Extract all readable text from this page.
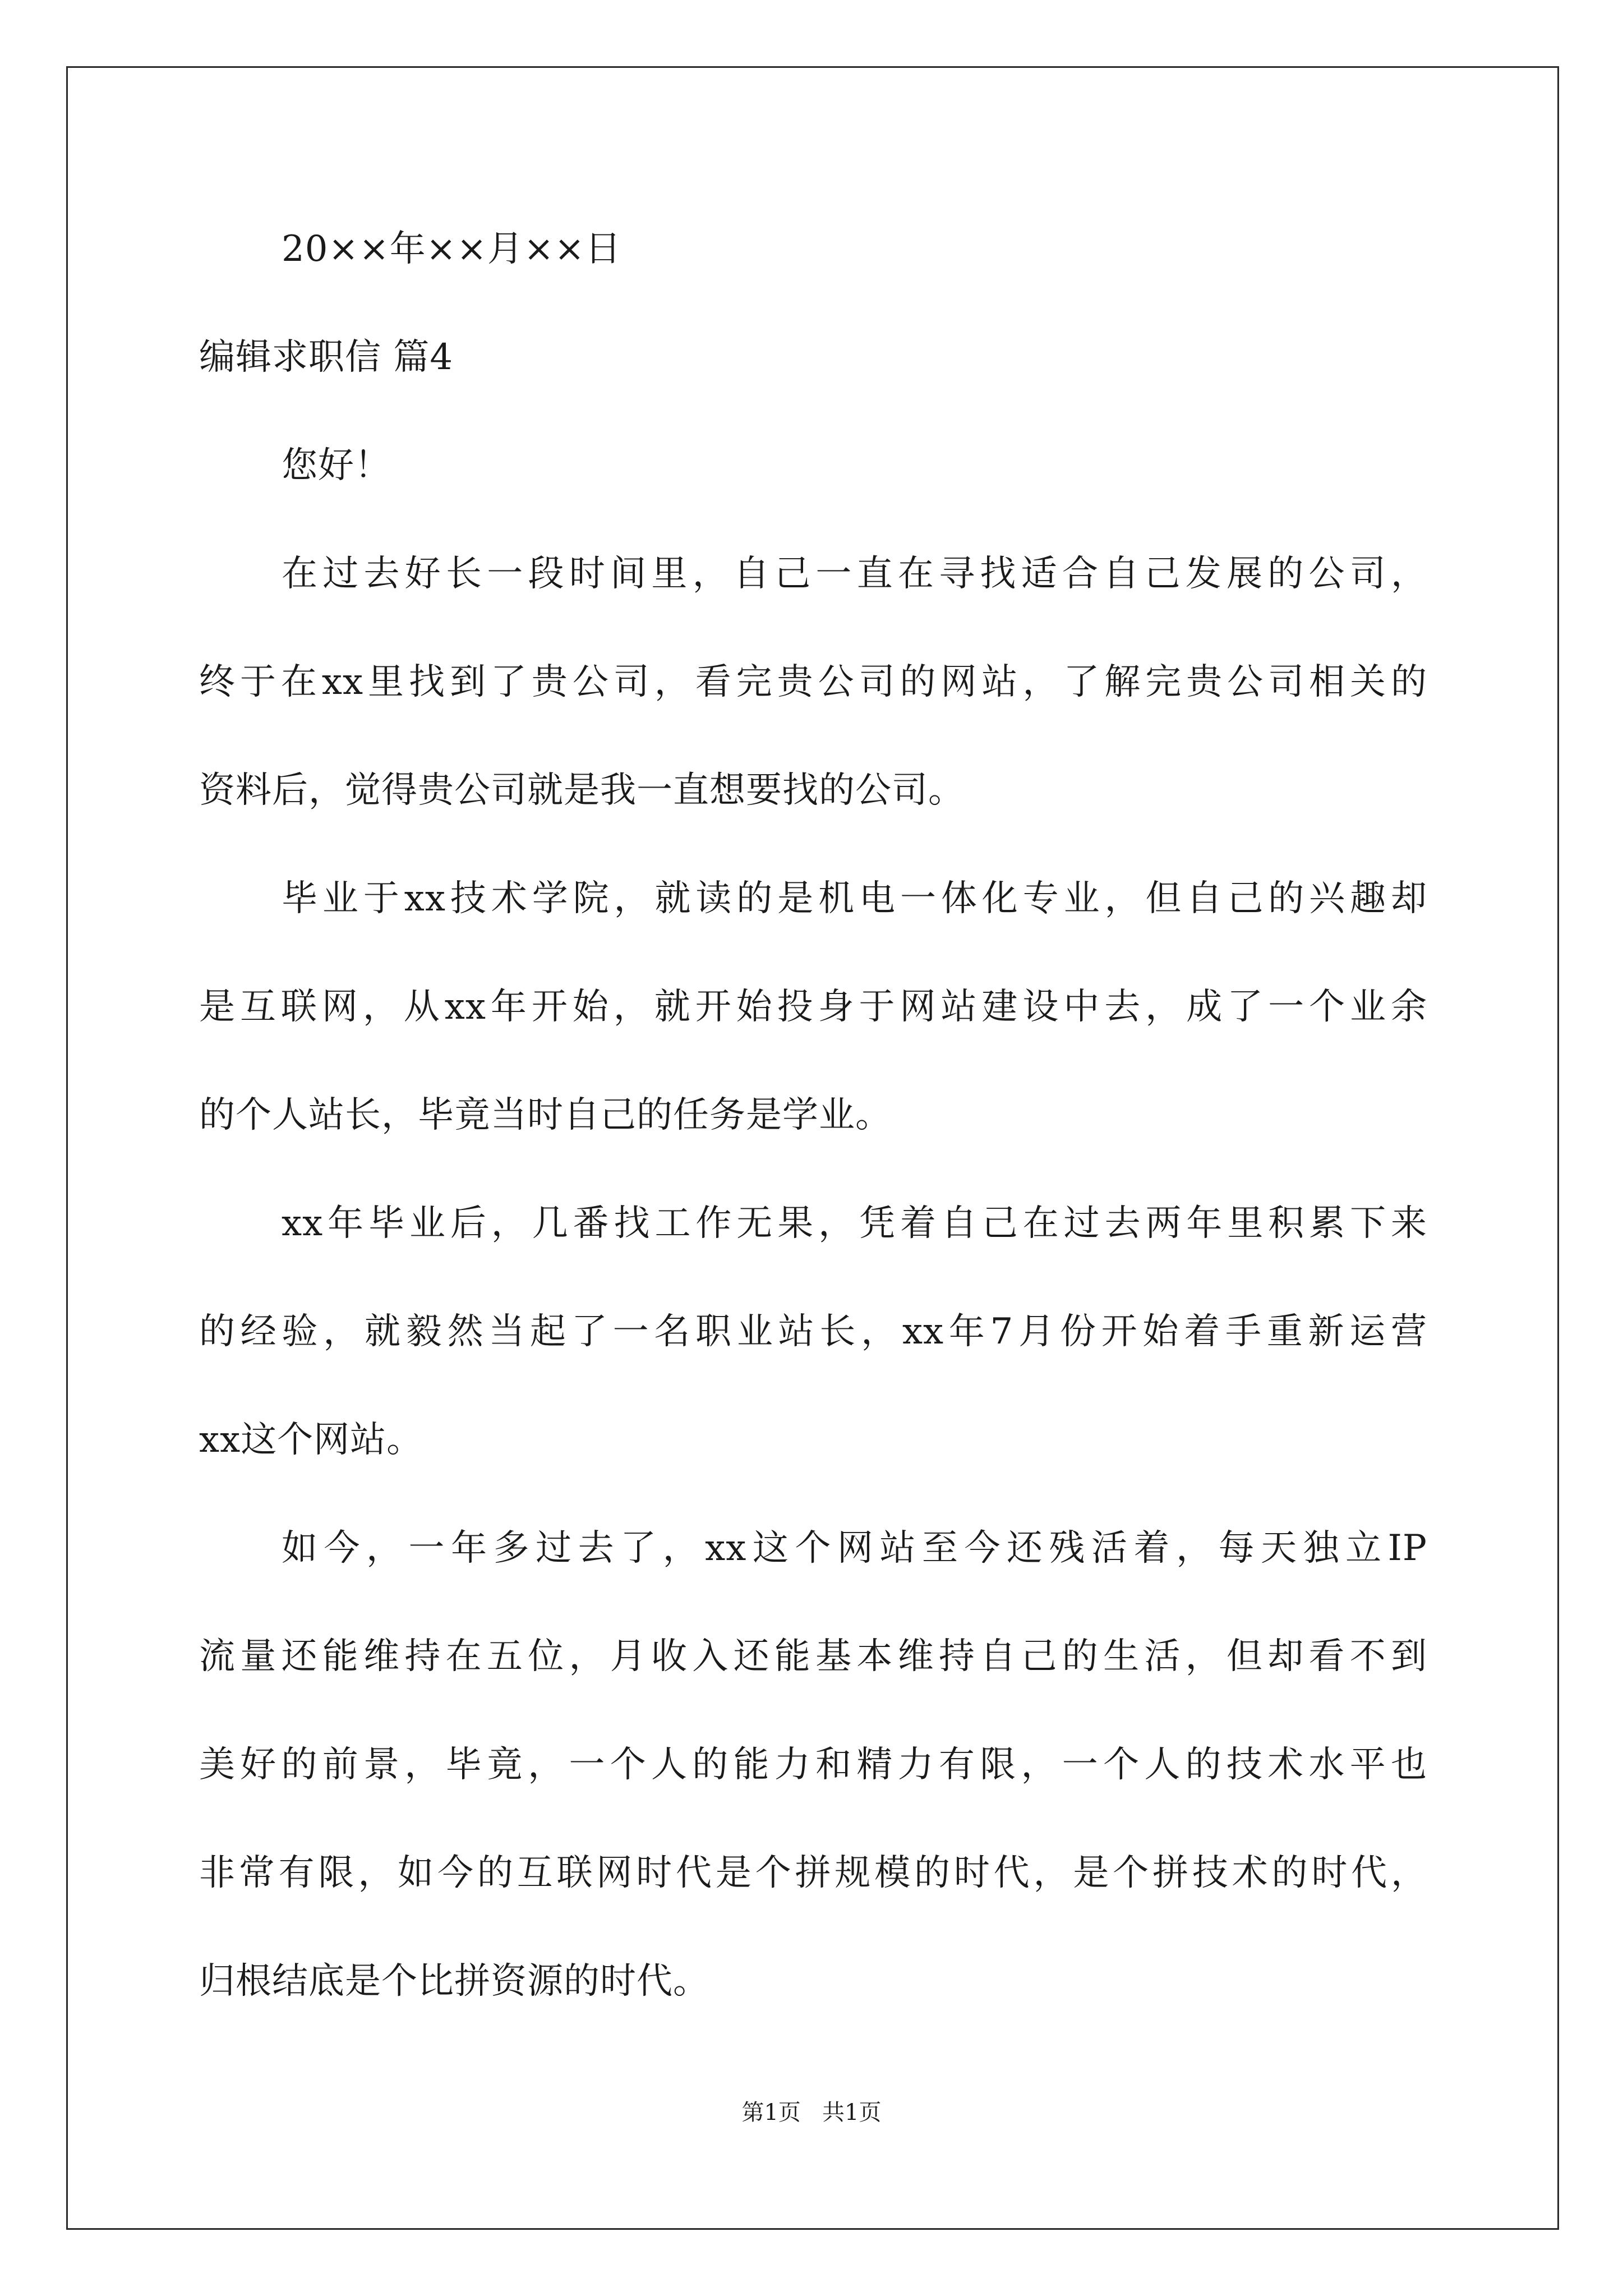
20××年××月××日
编辑求职信 篇4
您好！
在过去好长一段时间里，自己一直在寻找适合自己发展的公司，
终于在xx里找到了贵公司，看完贵公司的网站，了解完贵公司相关的
资料后，觉得贵公司就是我一直想要找的公司。
毕业于xx技术学院，就读的是机电一体化专业，但自己的兴趣却
是互联网，从xx年开始，就开始投身于网站建设中去，成了一个业余
的个人站长，毕竟当时自己的任务是学业。
xx年毕业后，几番找工作无果，凭着自己在过去两年里积累下来
的经验，就毅然当起了一名职业站长，xx年7月份开始着手重新运营
xx这个网站。
如今，一年多过去了，xx这个网站至今还残活着，每天独立IP
流量还能维持在五位，月收入还能基本维持自己的生活，但却看不到
美好的前景，毕竟，一个人的能力和精力有限，一个人的技术水平也
非常有限，如今的互联网时代是个拼规模的时代，是个拼技术的时代，
归根结底是个比拼资源的时代。
第1页   共1页
